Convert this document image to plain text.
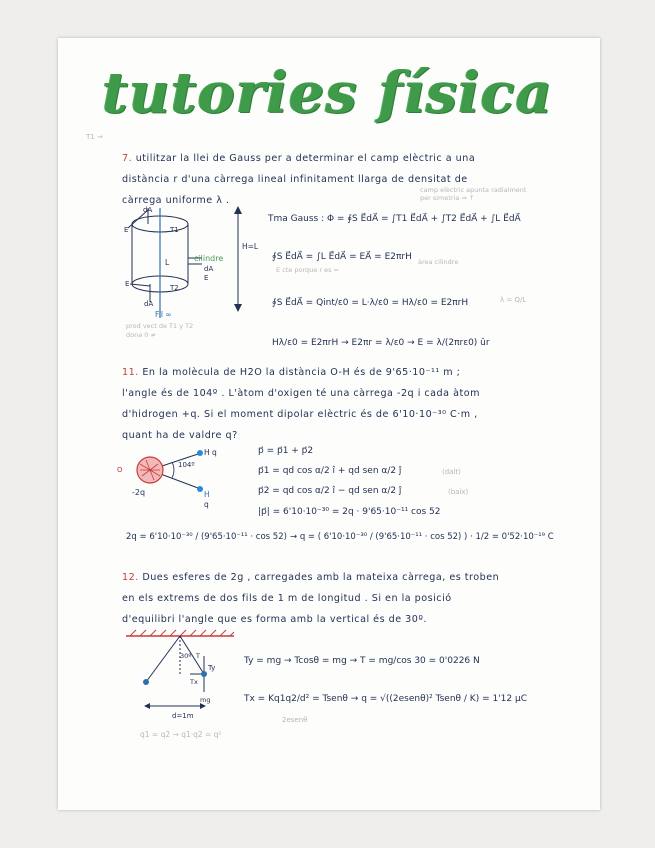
tutories física
T1 →
7. utilitzar la llei de Gauss per a determinar el camp elèctric a una
distància r d'una càrrega lineal infinitament llarga de densitat de
càrrega uniforme λ .
camp elèctric apunta radialment
per simetria ⇒ ↑
dA
E	T1
L	cilindre
dA
E
E	T2
dA
Fil ∞
H=L
prod vect de T1 y T2
dona 0 ≠
Tma Gauss : Φ = ∮S E⃗dA⃗ = ∫T1 E⃗dA⃗ + ∫T2 E⃗dA⃗ + ∫L E⃗dA⃗
∮S E⃗dA⃗ = ∫L E⃗dA⃗ = EA⃗ = E2πrH àrea cilindre
E cte porque r es =
∮S E⃗dA⃗ = Qint/ε0 = L·λ/ε0 = Hλ/ε0 = E2πrH	λ = Q/L
Hλ/ε0 = E2πrH → E2πr = λ/ε0 → E = λ/(2πrε0) ûr
11. En la molècula de H2O la distància O-H és de 9'65·10⁻¹¹ m ;
l'angle és de 104º . L'àtom d'oxigen té una càrrega -2q i cada àtom
d'hidrogen +q. Si el moment dipolar elèctric és de 6'10·10⁻³⁰ C·m ,
quant ha de valdre q?
O
-2q
H q
104º
H
q
p⃗ = p⃗1 + p⃗2
p⃗1 = qd cos α/2 î + qd sen α/2 ĵ	(dalt)
p⃗2 = qd cos α/2 î − qd sen α/2 ĵ	(baix)
|p⃗| = 6'10·10⁻³⁰ = 2q · 9'65·10⁻¹¹ cos 52
2q = 6'10·10⁻³⁰ / (9'65·10⁻¹¹ · cos 52) → q = ( 6'10·10⁻³⁰ / (9'65·10⁻¹¹ · cos 52) ) · 1/2 = 0'52·10⁻¹⁹ C
12. Dues esferes de 2g , carregades amb la mateixa càrrega, es troben
en els extrems de dos fils de 1 m de longitud . Si en la posició
d'equilibri l'angle que es forma amb la vertical és de 30º.
30º T
Ty
Tx
mg
d=1m
Ty = mg → Tcosθ = mg → T = mg/cos 30 = 0'0226 N
Tx = Kq1q2/d² = Tsenθ → q = √((2esenθ)² Tsenθ / K) = 1'12 μC
2esenθ
q1 = q2 → q1·q2 = q²
